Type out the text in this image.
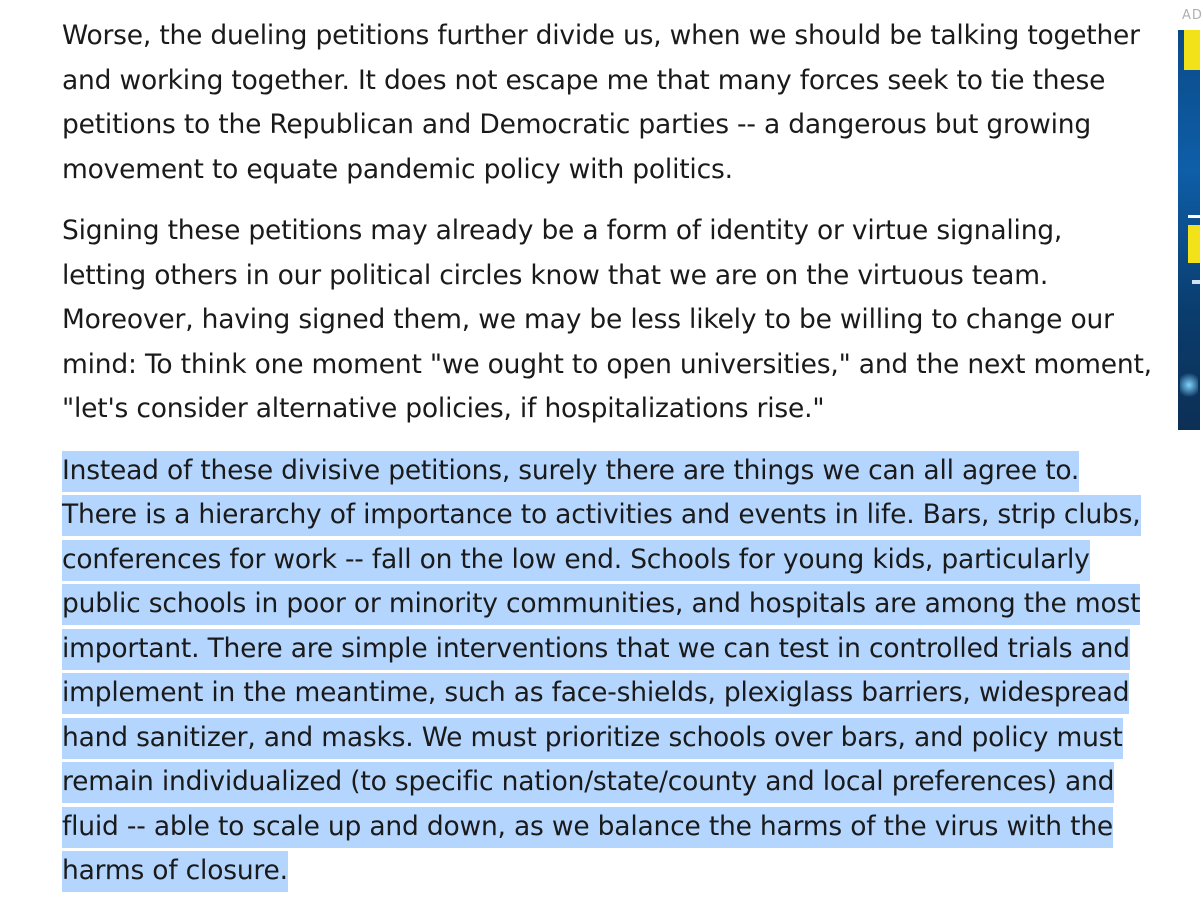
Worse, the dueling petitions further divide us, when we should be talking together and working together. It does not escape me that many forces seek to tie these petitions to the Republican and Democratic parties -- a dangerous but growing movement to equate pandemic policy with politics.

Signing these petitions may already be a form of identity or virtue signaling, letting others in our political circles know that we are on the virtuous team. Moreover, having signed them, we may be less likely to be willing to change our mind: To think one moment "we ought to open universities," and the next moment, "let's consider alternative policies, if hospitalizations rise."

Instead of these divisive petitions, surely there are things we can all agree to. There is a hierarchy of importance to activities and events in life. Bars, strip clubs, conferences for work -- fall on the low end. Schools for young kids, particularly public schools in poor or minority communities, and hospitals are among the most important. There are simple interventions that we can test in controlled trials and implement in the meantime, such as face-shields, plexiglass barriers, widespread hand sanitizer, and masks. We must prioritize schools over bars, and policy must remain individualized (to specific nation/state/county and local preferences) and fluid -- able to scale up and down, as we balance the harms of the virus with the harms of closure.

AD
